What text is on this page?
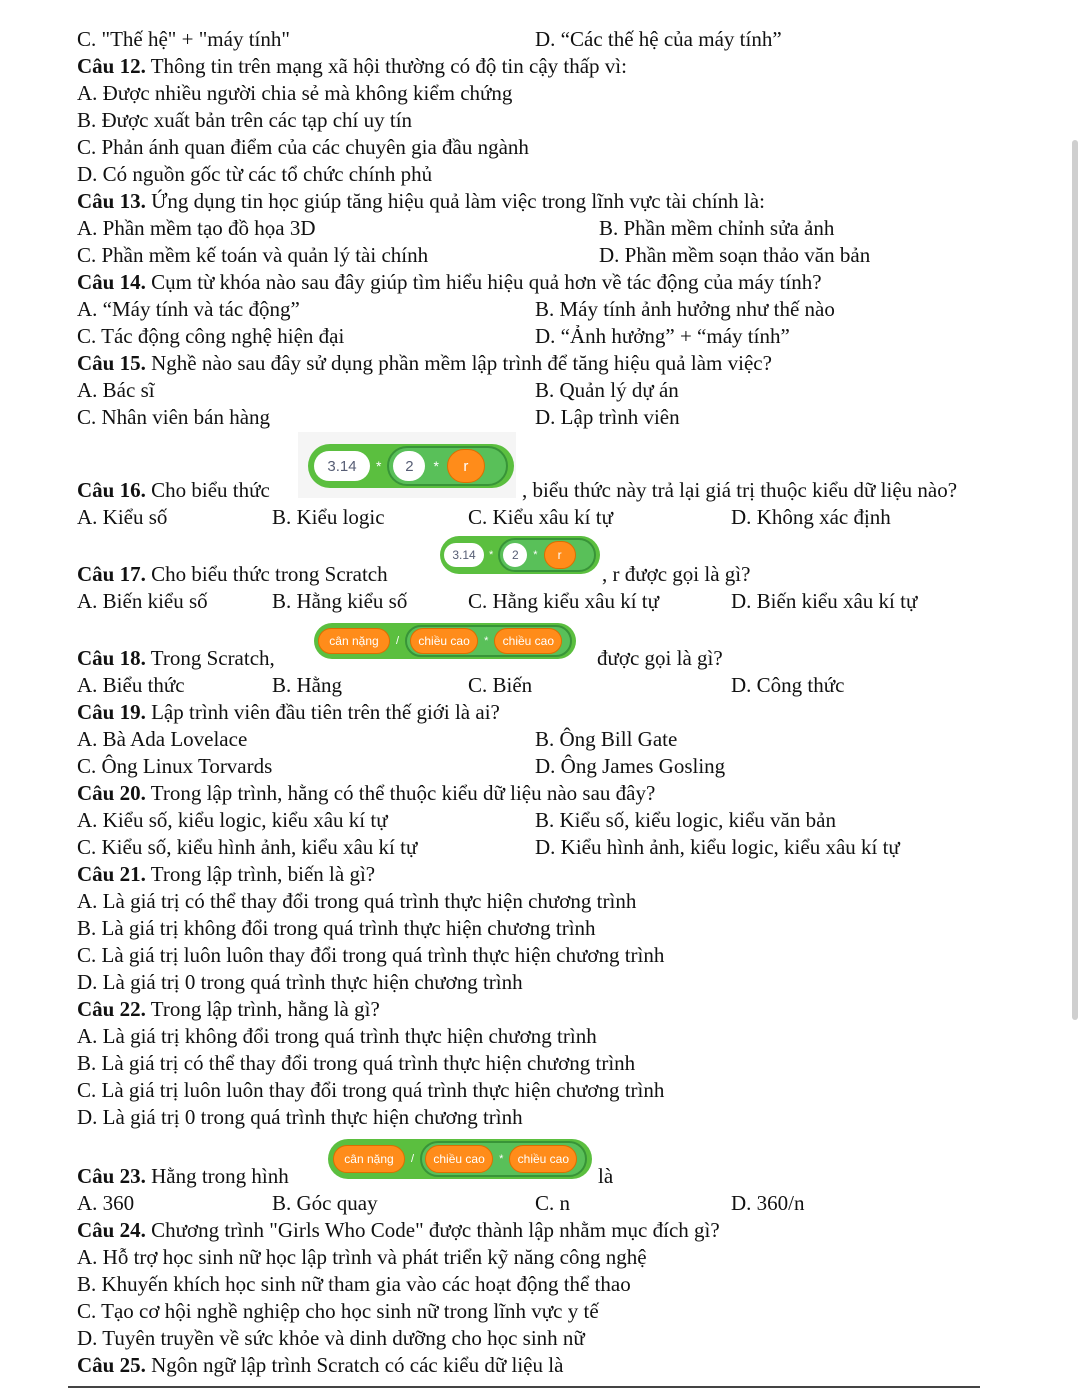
C. "Thế hệ" + "máy tính"	D. “Các thế hệ của máy tính”
Câu 12. Thông tin trên mạng xã hội thường có độ tin cậy thấp vì:
A. Được nhiều người chia sẻ mà không kiểm chứng
B. Được xuất bản trên các tạp chí uy tín
C. Phản ánh quan điểm của các chuyên gia đầu ngành
D. Có nguồn gốc từ các tổ chức chính phủ
Câu 13. Ứng dụng tin học giúp tăng hiệu quả làm việc trong lĩnh vực tài chính là:
A. Phần mềm tạo đồ họa 3D	B. Phần mềm chỉnh sửa ảnh
C. Phần mềm kế toán và quản lý tài chính	D. Phần mềm soạn thảo văn bản
Câu 14. Cụm từ khóa nào sau đây giúp tìm hiểu hiệu quả hơn về tác động của máy tính?
A. “Máy tính và tác động”	B. Máy tính ảnh hưởng như thế nào
C. Tác động công nghệ hiện đại	D. “Ảnh hưởng” + “máy tính”
Câu 15. Nghề nào sau đây sử dụng phần mềm lập trình để tăng hiệu quả làm việc?
A. Bác sĩ	B. Quản lý dự án
C. Nhân viên bán hàng	D. Lập trình viên
Câu 16. Cho biểu thức
3.14	*	2	*	r
, biểu thức này trả lại giá trị thuộc kiểu dữ liệu nào?
A. Kiểu số	B. Kiểu logic	C. Kiểu xâu kí tự	D. Không xác định
Câu 17. Cho biểu thức trong Scratch
3.14	*	2	*	r
, r được gọi là gì?
A. Biến kiểu số	B. Hằng kiểu số	C. Hằng kiểu xâu kí tự	D. Biến kiểu xâu kí tự
Câu 18. Trong Scratch,
cân nặng	/	chiều cao	*	chiều cao
được gọi là gì?
A. Biểu thức	B. Hằng	C. Biến	D. Công thức
Câu 19. Lập trình viên đầu tiên trên thế giới là ai?
A. Bà Ada Lovelace	B. Ông Bill Gate
C. Ông Linux Torvards	D. Ông James Gosling
Câu 20. Trong lập trình, hằng có thể thuộc kiểu dữ liệu nào sau đây?
A. Kiểu số, kiểu logic, kiểu xâu kí tự	B. Kiểu số, kiểu logic, kiểu văn bản
C. Kiểu số, kiểu hình ảnh, kiểu xâu kí tự	D. Kiểu hình ảnh, kiểu logic, kiểu xâu kí tự
Câu 21. Trong lập trình, biến là gì?
A. Là giá trị có thể thay đổi trong quá trình thực hiện chương trình
B. Là giá trị không đổi trong quá trình thực hiện chương trình
C. Là giá trị luôn luôn thay đổi trong quá trình thực hiện chương trình
D. Là giá trị 0 trong quá trình thực hiện chương trình
Câu 22. Trong lập trình, hằng là gì?
A. Là giá trị không đổi trong quá trình thực hiện chương trình
B. Là giá trị có thể thay đổi trong quá trình thực hiện chương trình
C. Là giá trị luôn luôn thay đổi trong quá trình thực hiện chương trình
D. Là giá trị 0 trong quá trình thực hiện chương trình
Câu 23. Hằng trong hình
cân nặng	/	chiều cao	*	chiều cao
là
A. 360	B. Góc quay	C. n	D. 360/n
Câu 24. Chương trình "Girls Who Code" được thành lập nhằm mục đích gì?
A. Hỗ trợ học sinh nữ học lập trình và phát triển kỹ năng công nghệ
B. Khuyến khích học sinh nữ tham gia vào các hoạt động thể thao
C. Tạo cơ hội nghề nghiệp cho học sinh nữ trong lĩnh vực y tế
D. Tuyên truyền về sức khỏe và dinh dưỡng cho học sinh nữ
Câu 25. Ngôn ngữ lập trình Scratch có các kiểu dữ liệu là
